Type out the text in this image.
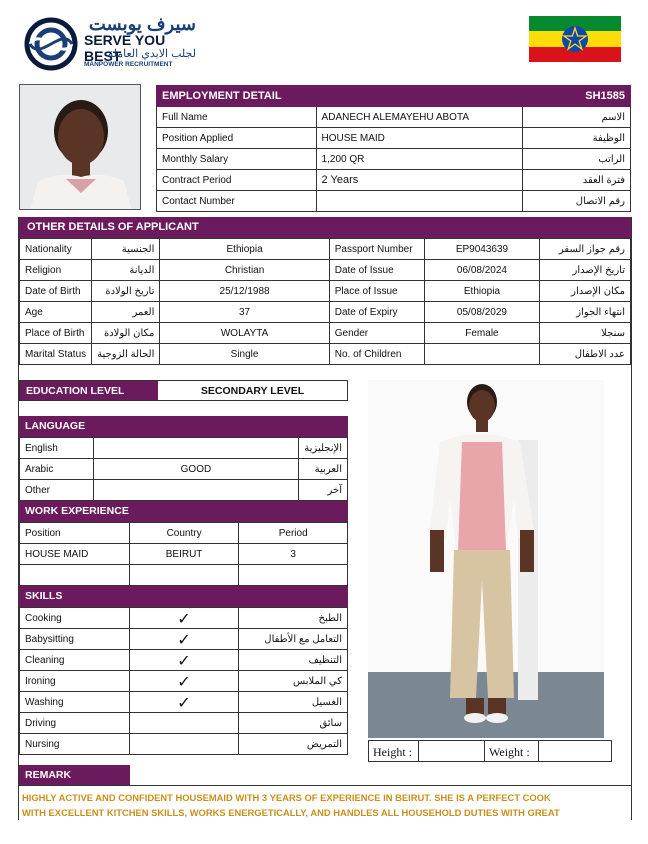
سيرف يوبست
SERVE YOU BEST
لجلب الايدي العاملة
MANPOWER RECRUITMENT
EMPLOYMENT DETAIL		SH1585
Full Name	ADANECH ALEMAYEHU ABOTA	الاسم
Position Applied	HOUSE MAID	الوظيفة
Monthly Salary	1,200 QR	الراتب
Contract Period	2 Years	فترة العقد
Contact Number		رقم الاتصال
OTHER DETAILS OF APPLICANT
Nationality	الجنسية	Ethiopia	Passport Number	EP9043639	رقم جواز السفر
Religion	الديانة	Christian	Date of Issue	06/08/2024	تاريخ الإصدار
Date of Birth	تاريخ الولادة	25/12/1988	Place of Issue	Ethiopia	مكان الإصدار
Age	العمر	37	Date of Expiry	05/08/2029	انتهاء الجواز
Place of Birth	مكان الولادة	WOLAYTA	Gender	Female	سنجلا
Marital Status	الحالة الزوجية	Single	No. of Children		عدد الاطفال
EDUCATION LEVEL	SECONDARY LEVEL
LANGUAGE
English		الإنجليزية
Arabic	GOOD	العربية
Other		آخر
WORK EXPERIENCE
Position	Country	Period
HOUSE MAID	BEIRUT	3

SKILLS
Cooking	✓	الطبخ
Babysitting	✓	التعامل مع الأطفال
Cleaning	✓	التنظيف
Ironing	✓	كي الملابس
Washing	✓	الغسيل
Driving		سائق
Nursing		التمريض
Height :	Weight :
REMARK
HIGHLY ACTIVE AND CONFIDENT HOUSEMAID WITH 3 YEARS OF EXPERIENCE IN BEIRUT. SHE IS A PERFECT COOK
WITH EXCELLENT KITCHEN SKILLS, WORKS ENERGETICALLY, AND HANDLES ALL HOUSEHOLD DUTIES WITH GREAT
